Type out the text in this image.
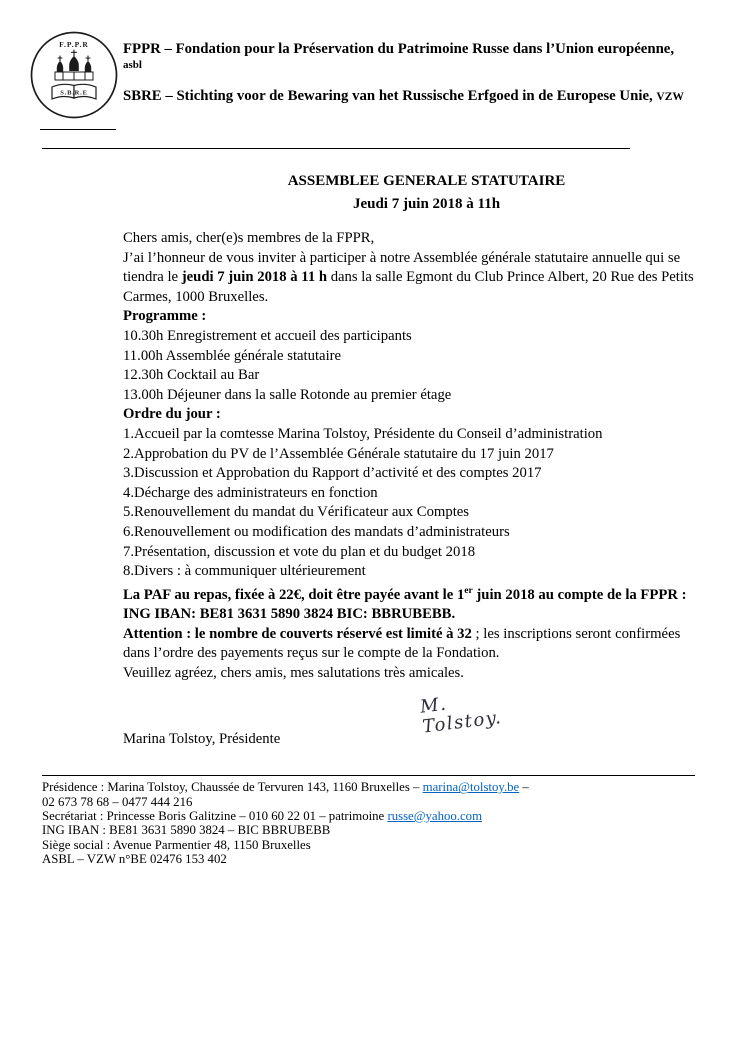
F.P.P.R
S.B.R.E
FPPR – Fondation pour la Préservation du Patrimoine Russe dans l’Union européenne,
asbl
SBRE – Stichting voor de Bewaring van het Russische Erfgoed in de Europese Unie, VZW
ASSEMBLEE GENERALE STATUTAIRE
Jeudi 7 juin 2018 à 11h

Chers amis, cher(e)s membres de la FPPR,

J’ai l’honneur de vous inviter à participer à notre Assemblée générale statutaire annuelle qui se tiendra le jeudi 7 juin 2018 à 11 h dans la salle Egmont du Club Prince Albert, 20 Rue des Petits Carmes, 1000 Bruxelles.

Programme :

10.30h Enregistrement et accueil des participants

11.00h Assemblée générale statutaire

12.30h Cocktail au Bar

13.00h Déjeuner dans la salle Rotonde au premier étage

Ordre du jour :

1.Accueil par la comtesse Marina Tolstoy, Présidente du Conseil d’administration

2.Approbation du PV de l’Assemblée Générale statutaire du 17 juin 2017

3.Discussion et Approbation du Rapport d’activité et des comptes 2017

4.Décharge des administrateurs en fonction

5.Renouvellement du mandat du Vérificateur aux Comptes

6.Renouvellement ou modification des mandats d’administrateurs

7.Présentation, discussion et vote du plan et du budget 2018

8.Divers : à communiquer ultérieurement

La PAF au repas, fixée à 22€, doit être payée avant le 1er juin 2018 au compte de la FPPR : ING IBAN: BE81 3631 5890 3824 BIC: BBRUBEBB.

Attention : le nombre de couverts réservé est limité à 32 ; les inscriptions seront confirmées dans l’ordre des payements reçus sur le compte de la Fondation.

Veuillez agréez, chers amis, mes salutations très amicales.

M. Tolstoy.

Marina Tolstoy, Présidente

Présidence : Marina Tolstoy, Chaussée de Tervuren 143, 1160 Bruxelles – marina@tolstoy.be –
02 673 78 68 – 0477 444 216
Secrétariat : Princesse Boris Galitzine – 010 60 22 01 – patrimoine russe@yahoo.com
ING IBAN : BE81 3631 5890 3824 – BIC BBRUBEBB
Siège social : Avenue Parmentier 48, 1150 Bruxelles
ASBL – VZW n°BE 02476 153 402
